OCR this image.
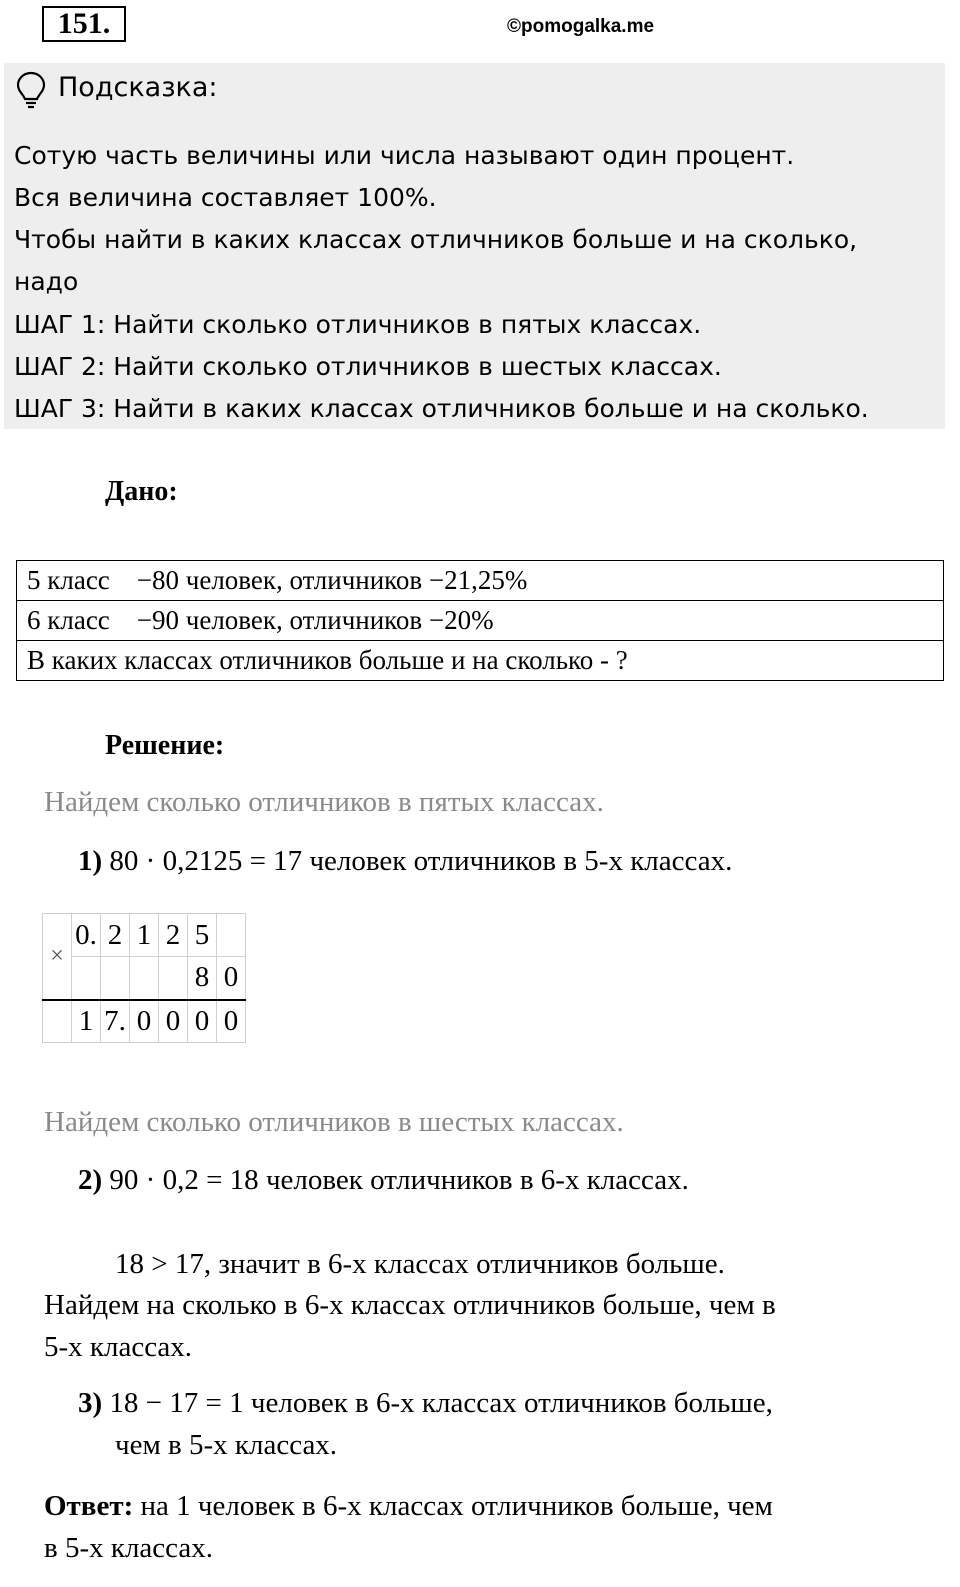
151.	©pomogalka.me
Подсказка:
Сотую часть величины или числа называют один процент.
Вся величина составляет 100%.
Чтобы найти в каких классах отличников больше и на сколько,
надо
ШАГ 1: Найти сколько отличников в пятых классах.
ШАГ 2: Найти сколько отличников в шестых классах.
ШАГ 3: Найти в каких классах отличников больше и на сколько.
Дано:
5 класс    −80 человек, отличников −21,25%
6 класс    −90 человек, отличников −20%
В каких классах отличников больше и на сколько - ?
Решение:
Найдем сколько отличников в пятых классах.
1) 80 · 0,2125 = 17 человек отличников в 5-х классах.
×	0.	2	1	2	5	
					8	0
	1	7.	0	0	0	0
Найдем сколько отличников в шестых классах.
2) 90 · 0,2 = 18 человек отличников в 6-х классах.
18 > 17, значит в 6-х классах отличников больше.
Найдем на сколько в 6-х классах отличников больше, чем в
5-х классах.
3) 18 − 17 = 1 человек в 6-х классах отличников больше,
чем в 5-х классах.
Ответ: на 1 человек в 6-х классах отличников больше, чем
в 5-х классах.
